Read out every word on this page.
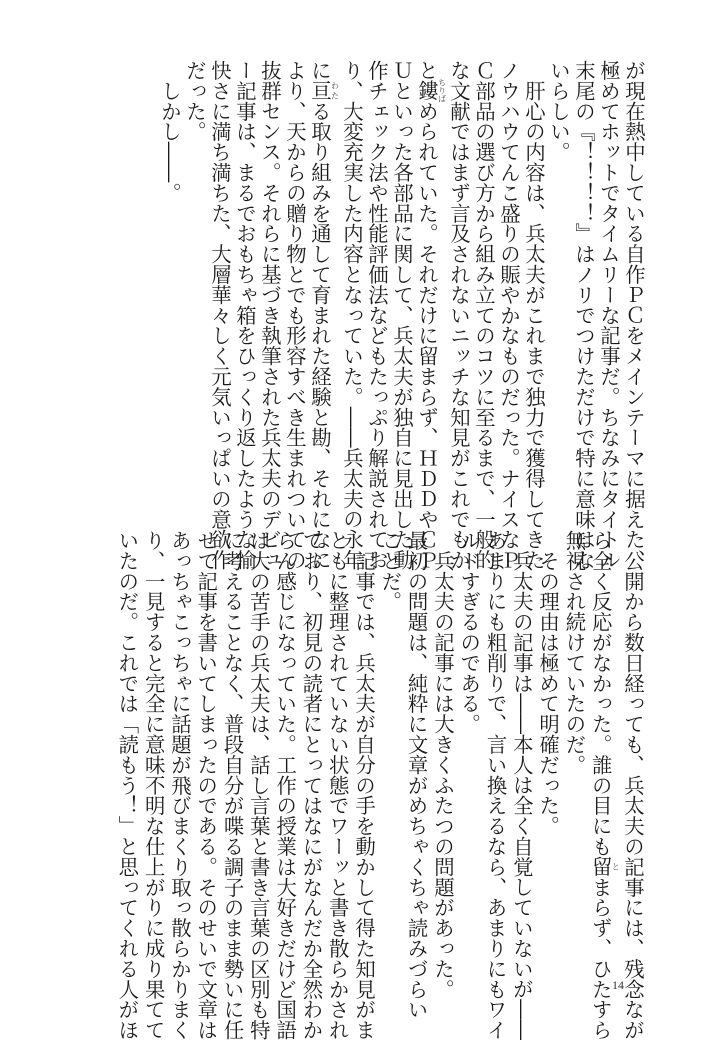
が現在熱中している自作ＰＣをメインテーマに据えた、
極めてホットでタイムリーな記事だ。ちなみにタイトル
末尾の『！！！！』はノリでつけただけで特に意味はな
いらしい。
　肝心の内容は、兵太夫がこれまで独力で獲得してきた
ノウハウてんこ盛りの賑やかなものだった。ナイスなＰ
Ｃ部品の選び方から組み立てのコツに至るまで、一般的
な文献ではまず言及されないニッチな知見がこれでもか
と鏤ちりばめられていた。それだけに留まらず、ＨＤＤやＣＰ
Ｕといった各部品に関して、兵太夫が独自に見出した動
作チェック法や性能評価法などもたっぷり解説されてお
り、大変充実した内容となっていた。――兵太夫の永年
に亘わたる取り組みを通して育まれた経験と勘、それになに
より、天からの贈り物とでも形容すべき生まれついての
抜群センス。それらに基づき執筆された兵太夫のデビュ
ー記事は、まるでおもちゃ箱をひっくり返したような愉
快さに満ち満ちた、大層華々しく元気いっぱいの意欲作
だった。
　しかし――。
　公開から数日経っても、兵太夫の記事には、残念なが
ら全く反応がなかった。誰の目にも留とまらず、ひたすら
無視され続けていたのだ。
　その理由は極めて明確だった。
　兵太夫の記事は――本人は全く自覚していないが――
あまりにも粗削りで、言い換えるなら、あまりにもワイ
ルドすぎるのである。
　兵太夫の記事には大きくふたつの問題があった。
最初の問題は、純粋に文章がめちゃくちゃ読みづらい
ことだ。
　記事では、兵太夫が自分の手を動かして得た知見がま
ともに整理されていない状態でワーッと書き散らかされ
ており、初見の読者にとってはなにがなんだか全然わか
らん感じになっていた。工作の授業は大好きだけど国語
は大の苦手の兵太夫は、話し言葉と書き言葉の区別も特
に考えることなく、普段自分が喋る調子のまま勢いに任
せて記事を書いてしまったのである。そのせいで文章は
あっちゃこっちゃに話題が飛びまくり取っ散らかりまく
り、一見すると完全に意味不明な仕上がりに成り果てて
いたのだ。これでは「読もう！」と思ってくれる人がほ	14
